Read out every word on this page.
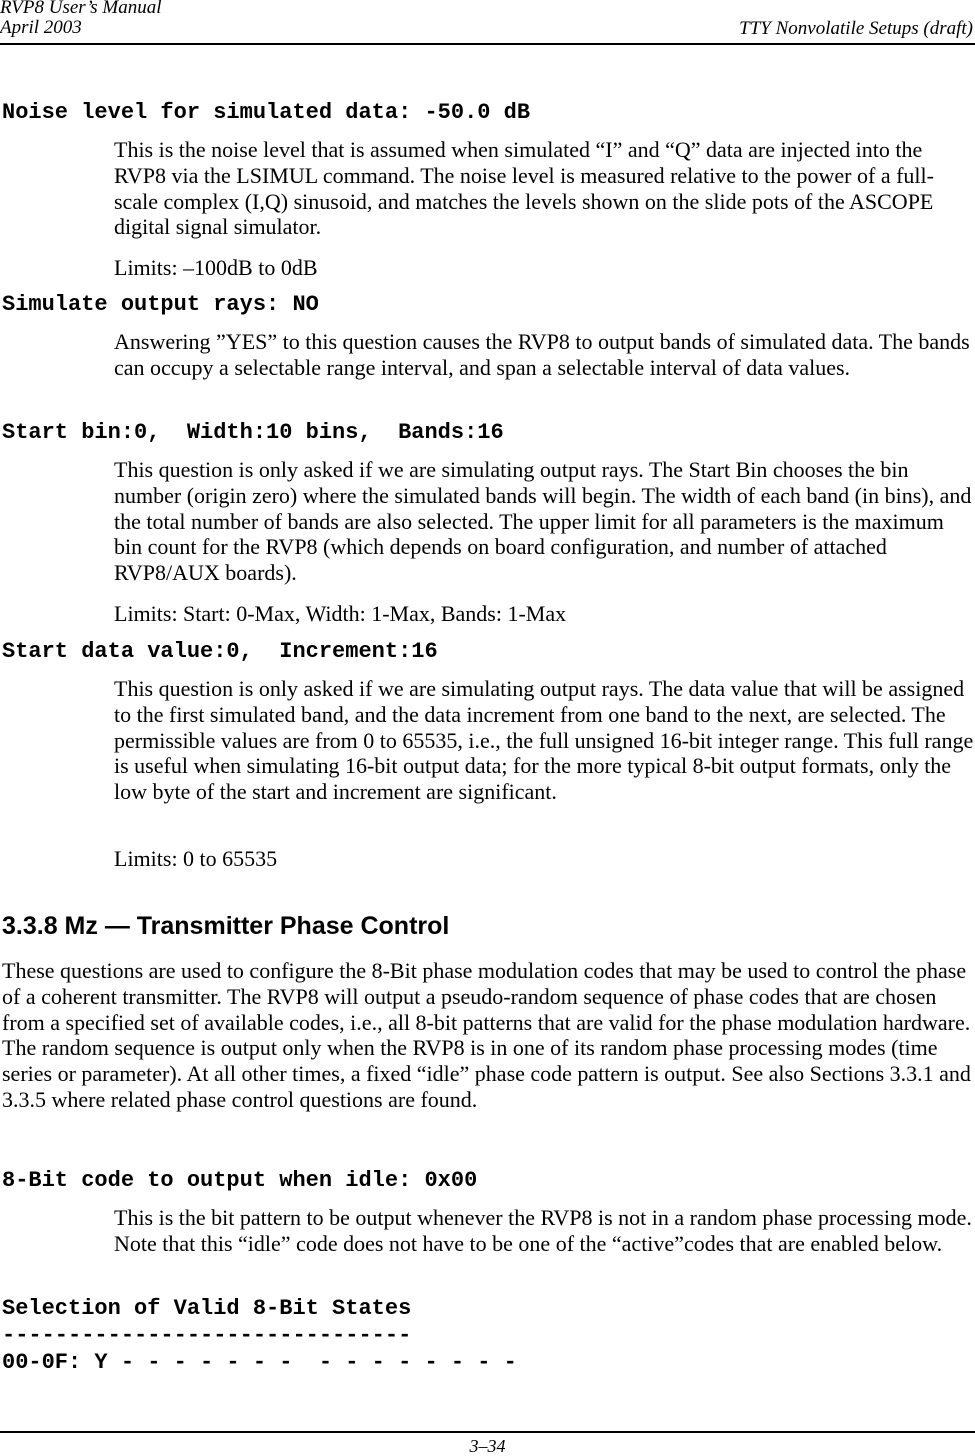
RVP8 User’s Manual
April 2003	TTY Nonvolatile Setups (draft)
Noise level for simulated data: -50.0 dB

This is the noise level that is assumed when simulated “I” and “Q” data are injected into the RVP8 via the LSIMUL command. The noise level is measured relative to the power of a full-scale complex (I,Q) sinusoid, and matches the levels shown on the slide pots of the ASCOPE digital signal simulator.

Limits: –100dB to 0dB

Simulate output rays: NO

Answering ”YES” to this question causes the RVP8 to output bands of simulated data. The bands can occupy a selectable range interval, and span a selectable interval of data values.

Start bin:0,  Width:10 bins,  Bands:16

This question is only asked if we are simulating output rays. The Start Bin chooses the bin number (origin zero) where the simulated bands will begin. The width of each band (in bins), and the total number of bands are also selected. The upper limit for all parameters is the maximum bin count for the RVP8 (which depends on board configuration, and number of attached RVP8/AUX boards).

Limits: Start: 0-Max, Width: 1-Max, Bands: 1-Max

Start data value:0,  Increment:16

This question is only asked if we are simulating output rays. The data value that will be assigned to the first simulated band, and the data increment from one band to the next, are selected. The permissible values are from 0 to 65535, i.e., the full unsigned 16-bit integer range. This full range is useful when simulating 16-bit output data; for the more typical 8-bit output formats, only the low byte of the start and increment are significant.

Limits: 0 to 65535

3.3.8 Mz — Transmitter Phase Control

These questions are used to configure the 8-Bit phase modulation codes that may be used to control the phase of a coherent transmitter. The RVP8 will output a pseudo-random sequence of phase codes that are chosen from a specified set of available codes, i.e., all 8-bit patterns that are valid for the phase modulation hardware. The random sequence is output only when the RVP8 is in one of its random phase processing modes (time series or parameter). At all other times, a fixed “idle” phase code pattern is output. See also Sections 3.3.1 and 3.3.5 where related phase control questions are found.

8-Bit code to output when idle: 0x00

This is the bit pattern to be output whenever the RVP8 is not in a random phase processing mode. Note that this “idle” code does not have to be one of the “active”codes that are enabled below.

Selection of Valid 8-Bit States
-------------------------------
00-0F: Y - - - - - - -  - - - - - - - -
3–34
